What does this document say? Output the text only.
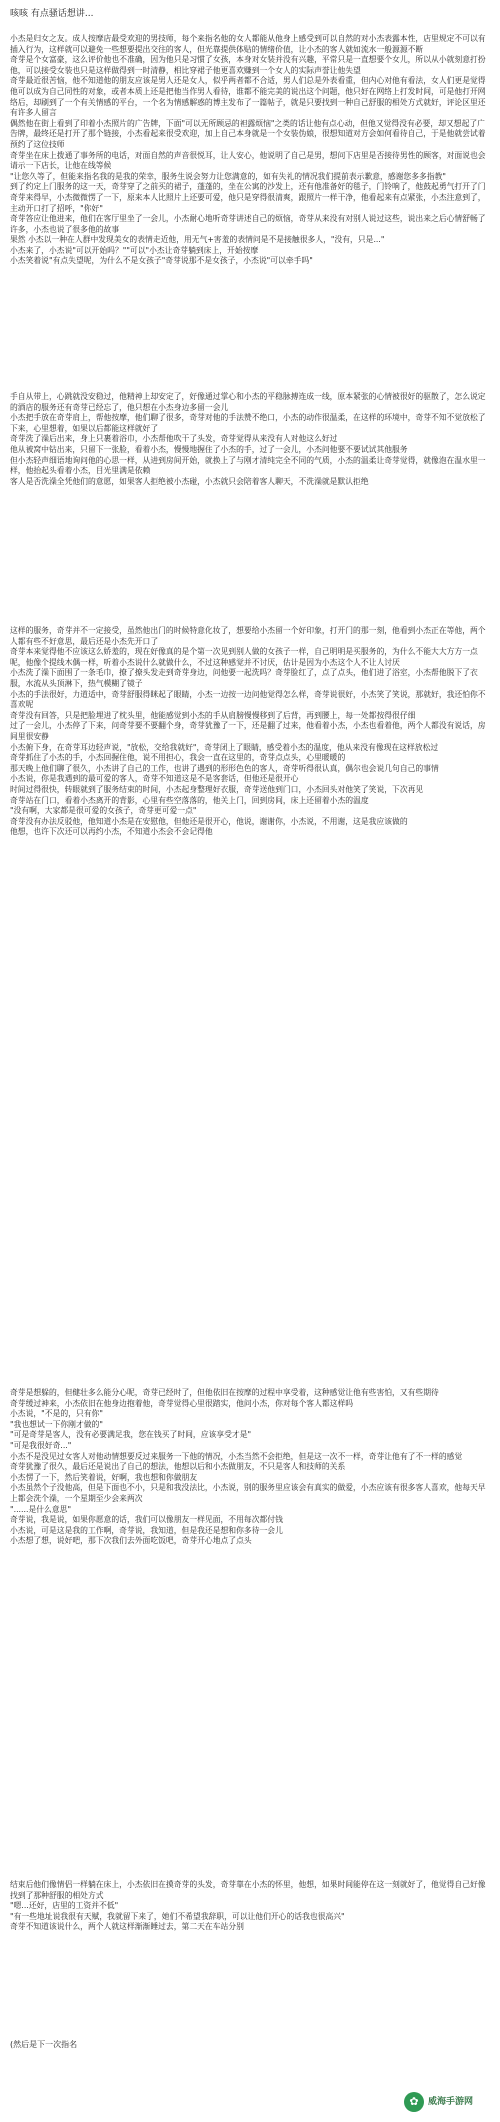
咳咳 有点骚话想讲...

小杰是归女之友。成人按摩店最受欢迎的男技师，每个来指名他的女人都能从他身上感受到可以自然的对小杰表露本性，店里规定不可以有插入行为，这样就可以避免一些想要提出交往的客人，但光靠提供体贴的情绪价值，让小杰的客人就如流水一般源源不断

奇芽是个女富豪，这么评价他也不准确，因为他只是习惯了女孩，本身对女装并没有兴趣，平常只是一直想要个女儿，所以从小就刻意打扮他，可以接受女装也只是这样做得到一时清静，相比穿裙子他更喜欢赚到一个女人的实际声誉让他失望

奇芽最近很苦恼，他不知道他的朋友应该是男人还是女人，似乎两者都不合适，男人们总是外表看重，但内心对他有看法，女人们更是觉得他可以成为自己同性的对象，或者本质上还是把他当作男人看待，谁都不能完美的说出这个问题，他只好在网络上打发时间，可是他打开网络后，却刷到了一个有关情感的平台，一个名为情感解惑的博主发布了一篇帖子，就是只要找到一种自己舒服的相处方式就好，评论区里还有许多人留言

偶然他在街上看到了印着小杰照片的广告牌，下面"可以无所顾忌的袒露烦恼"之类的话让他有点心动，但他又觉得没有必要，却又想起了广告牌，最终还是打开了那个链接，小杰看起来很受欢迎，加上自己本身就是一个女装伪娘，很想知道对方会如何看待自己，于是他就尝试着预约了这位技师

奇芽坐在床上拨通了事务所的电话，对面自然的声音很悦耳，让人安心，他说明了自己是男，想问下店里是否接待男性的顾客，对面说也会请示一下店长，让他在线等候

"让您久等了，但能来指名我的是我的荣幸，服务生说会努力让您满意的，如有失礼的情况我们提前表示歉意，感谢您多多指教"

到了约定上门服务的这一天，奇芽穿了之前买的裙子，蓬蓬的，坐在公寓的沙发上，还有他准备好的毯子，门铃响了，他鼓起勇气打开了门

奇芽来得早，小杰微微愣了一下，原来本人比照片上还要可爱，他只是穿得很清爽，跟照片一样干净，他看起来有点紧张，小杰注意到了，主动开口打了招呼，"你好"

奇芽答应让他进来，他们在客厅里坐了一会儿，小杰耐心地听奇芽讲述自己的烦恼，奇芽从来没有对别人说过这些，说出来之后心情舒畅了许多，小杰也说了很多他的故事

果然 小杰以一种在人群中发现美女的表情走近他，用无气+害羞的表情问是不是接触很多人，"没有，只是..."

小杰来了，小杰说"可以开始吗？""可以"小杰让奇芽躺到床上，开始按摩

小杰笑着说"有点失望呢，为什么不是女孩子"奇芽说那不是女孩子，小杰说"可以牵手吗"

手自从带上，心跳就没安稳过，他精神上却安定了，好像通过掌心和小杰的平稳脉搏连成一线，原本紧张的心情被很好的驱散了，怎么说定的酒店的服务还有奇芽已经忘了，他只想在小杰身边多留一会儿

小杰把手放在奇芽肩上，帮他按摩，他们聊了很多，奇芽对他的手法赞不绝口，小杰的动作很温柔，在这样的环境中，奇芽不知不觉放松了下来，心里想着，如果以后都能这样就好了

奇芽洗了澡后出来，身上只裹着浴巾，小杰帮他吹干了头发，奇芽觉得从来没有人对他这么好过

他从被窝中钻出来，只留下一张脸，看着小杰，慢慢地握住了小杰的手，过了一会儿，小杰问他要不要试试其他服务

但小杰轻声细语地询问他的心思一样，从进到房间开始，就换上了与刚才清纯完全不同的气质，小杰的温柔让奇芽觉得，就像泡在温水里一样，他抬起头看着小杰，目光里满是依赖

客人是否洗澡全凭他们的意愿，如果客人拒绝被小杰碰，小杰就只会陪着客人聊天，不洗澡就是默认拒绝

这样的服务，奇芽并不一定接受，虽然他出门的时候特意化妆了，想要给小杰留一个好印象，打开门的那一刻，他看到小杰正在等他，两个人都有些不好意思，最后还是小杰先开口了

奇芽本来觉得他不应该这么娇羞的，现在好像真的是个第一次见到别人做的女孩子一样，自己明明是买服务的，为什么不能大大方方一点呢，他像个提线木偶一样，听着小杰说什么就做什么，不过这种感觉并不讨厌，估计是因为小杰这个人不让人讨厌

小杰洗了澡下面围了一条毛巾，撩了撩头发走到奇芽身边，问他要一起洗吗？奇芽脸红了，点了点头，他们进了浴室，小杰帮他脱下了衣服，水流从头顶淋下，热气模糊了镜子

小杰的手法很好，力道适中，奇芽舒服得眯起了眼睛，小杰一边按一边问他觉得怎么样，奇芽说很好，小杰笑了笑说，那就好，我还怕你不喜欢呢

奇芽没有回答，只是把脸埋进了枕头里，他能感觉到小杰的手从肩膀慢慢移到了后背，再到腰上，每一处都按得很仔细

过了一会儿，小杰停了下来，问奇芽要不要翻个身，奇芽犹豫了一下，还是翻了过来，他看着小杰，小杰也看着他，两个人都没有说话，房间里很安静

小杰俯下身，在奇芽耳边轻声说，"放松，交给我就好"，奇芽闭上了眼睛，感受着小杰的温度，他从来没有像现在这样放松过

奇芽抓住了小杰的手，小杰回握住他，说不用担心，我会一直在这里的，奇芽点点头，心里暖暖的

那天晚上他们聊了很久，小杰讲了自己的工作，也讲了遇到的形形色色的客人，奇芽听得很认真，偶尔也会说几句自己的事情

小杰说，你是我遇到的最可爱的客人，奇芽不知道这是不是客套话，但他还是很开心

时间过得很快，转眼就到了服务结束的时间，小杰起身整理好衣服，奇芽送他到门口，小杰回头对他笑了笑说，下次再见

奇芽站在门口，看着小杰离开的背影，心里有些空落落的，他关上门，回到房间，床上还留着小杰的温度

"没有啊，大家都是很可爱的女孩子，奇芽更可爱一点"

奇芽没有办法反驳他，他知道小杰是在安慰他，但他还是很开心，他说，谢谢你，小杰说，不用谢，这是我应该做的

他想，也许下次还可以再约小杰，不知道小杰会不会记得他

奇芽是想躲的，但健壮多么能分心呢，奇芽已经时了，但他依旧在按摩的过程中享受着，这种感觉让他有些害怕，又有些期待

奇芽缓过神来，小杰依旧在他身边抱着他，奇芽觉得心里很踏实，他问小杰，你对每个客人都这样吗

小杰说，"不是的，只有你"

"我也想试一下你刚才做的"

"可是奇芽是客人，没有必要满足我，您在钱买了时间，应该享受才是"

"可是我很好奇..."

小杰不是没见过女客人对他动情想要反过来服务一下他的情况，小杰当然不会拒绝，但是这一次不一样，奇芽让他有了不一样的感觉

奇芽犹豫了很久，最后还是说出了自己的想法，他想以后和小杰做朋友，不只是客人和技师的关系

小杰愣了一下，然后笑着说，好啊，我也想和你做朋友

小杰虽然个子没他高，但是下面也不小，只是和我没法比，小杰说，别的服务里应该会有真实的做爱，小杰应该有很多客人喜欢，他每天早上都会洗个澡，一个星期至少会来两次

"......是什么意思"

奇芽说，我是说，如果你愿意的话，我们可以像朋友一样见面，不用每次都付钱

小杰说，可是这是我的工作啊，奇芽说，我知道，但是我还是想和你多待一会儿

小杰想了想，说好吧，那下次我们去外面吃饭吧，奇芽开心地点了点头

结束后他们像情侣一样躺在床上，小杰依旧在摸奇芽的头发，奇芽靠在小杰的怀里，他想，如果时间能停在这一刻就好了，他觉得自己好像找到了那种舒服的相处方式

"嗯...还好，店里的工资并不低"

"有一些地址说我很有天赋，我就留下来了，她们不希望我辞职，可以让他们开心的话我也很高兴"

奇芽不知道该说什么，两个人就这样渐渐睡过去，第二天在车站分别

(然后是下一次指名
✿	威海手游网
